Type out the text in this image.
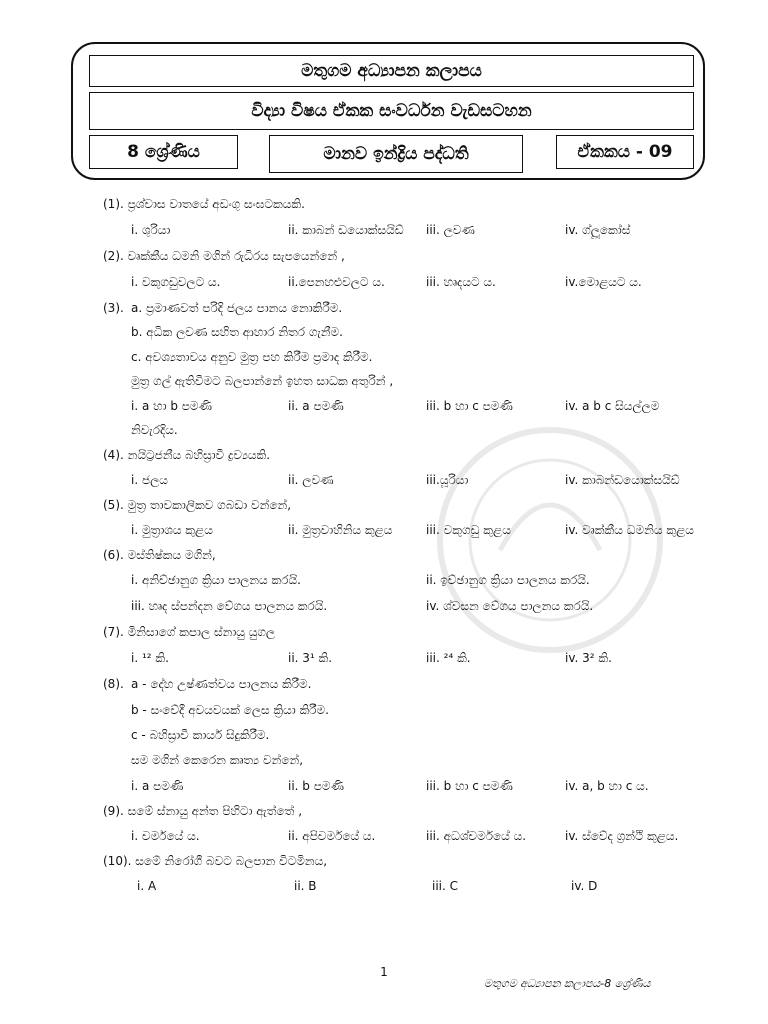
මතුගම අධ්‍යාපන කලාපය
විද්‍යා විෂය ඒකක සංවර්ධන වැඩසටහන
8 ශ්‍රේණිය	මානව ඉන්ද්‍රිය පද්ධති	ඒකකය - 09
(1). ප්‍රශ්වාස වාතයේ අඩංගු සංඝටකයකි.
i. ශුරියා	ii. කාබන් ඩයොක්සයිඩ් iii. ලවණ	iv. ග්ලූකෝස්
(2). වෘක්කීය ධමනි මගින් රුධිරය සැපයෙන්නේ ,
i. වකුගඩුවලට ය.	ii.පෙනහළුවලට ය.	iii. හෘදයට ය.	iv.මොළයට ය.
(3). a. ප්‍රමාණවත් පරිදි ජලය පානය නොකිරීම.
b. අධික ලවණ සහිත ආහාර නිතර ගැනීම.
c. අවශ්‍යතාවය අනුව මුත්‍ර පහ කිරීම ප්‍රමාද කිරීම.
මුත්‍ර ගල් ඇතිවීමට බලපාන්නේ ඉහත සාධක අතුරින් ,
i. a හා b පමණි	ii. a පමණි	iii. b හා c පමණි	iv. a b c සියල්ලම
නිවැරදිය.
(4). නයිට්‍රජනීය බහිස්‍රාවී ද්‍රව්‍යයකි.
i. ජලය	ii. ලවණ	iii.යූරියා	iv. කාබන්ඩයොක්සයිඩ්
(5). මුත්‍ර තාවකාලිකව ගබඩා වන්නේ,
i. මුත්‍රාශය කුළය	ii. මුත්‍රවාහිනිය කුළය	iii. වකුගඩු කුළය	iv. වෘක්කීය ධමනිය කුළය
(6). මස්තිෂ්කය මගින්,
i. අනිච්ඡානුග ක්‍රියා පාලනය කරයි.	ii. ඉච්ඡානුග ක්‍රියා පාලනය කරයි.
iii. හෘද ස්පන්දන වේගය පාලනය කරයි.	iv. ශ්වසන වේගය පාලනය කරයි.
(7). මිනිසාගේ කපාල ස්නායු යුගල
i. ¹² කි.	ii. 3¹ කි.	iii. ²⁴ කි.	iv. 3² කි.
(8). a - දේහ උෂ්ණත්වය පාලනය කිරීම.
b - සංවේදී අවයවයක් ලෙස ක්‍රියා කිරීම.
c - බහිස්‍රාවී කාර්ය සිදුකිරීම.
සම මගින් කෙරෙන කෘත්‍ය වන්නේ,
i. a පමණි	ii. b පමණි	iii. b හා c පමණි	iv. a, b හා c ය.
(9). සමේ ස්නායු අන්ත පිහිටා ඇත්තේ ,
i. චර්මයේ ය.	ii. අපිචර්මයේ ය.	iii. අධශ්චර්මයේ ය.	iv. ස්වේද ග්‍රන්ථි කුළය.
(10). සමේ නිරෝගී බවට බලපාන විටමිනය,
i. A	ii. B	iii. C	iv. D
1
මතුගම අධ්‍යාපන කලාපය-8 ශ්‍රේණිය
